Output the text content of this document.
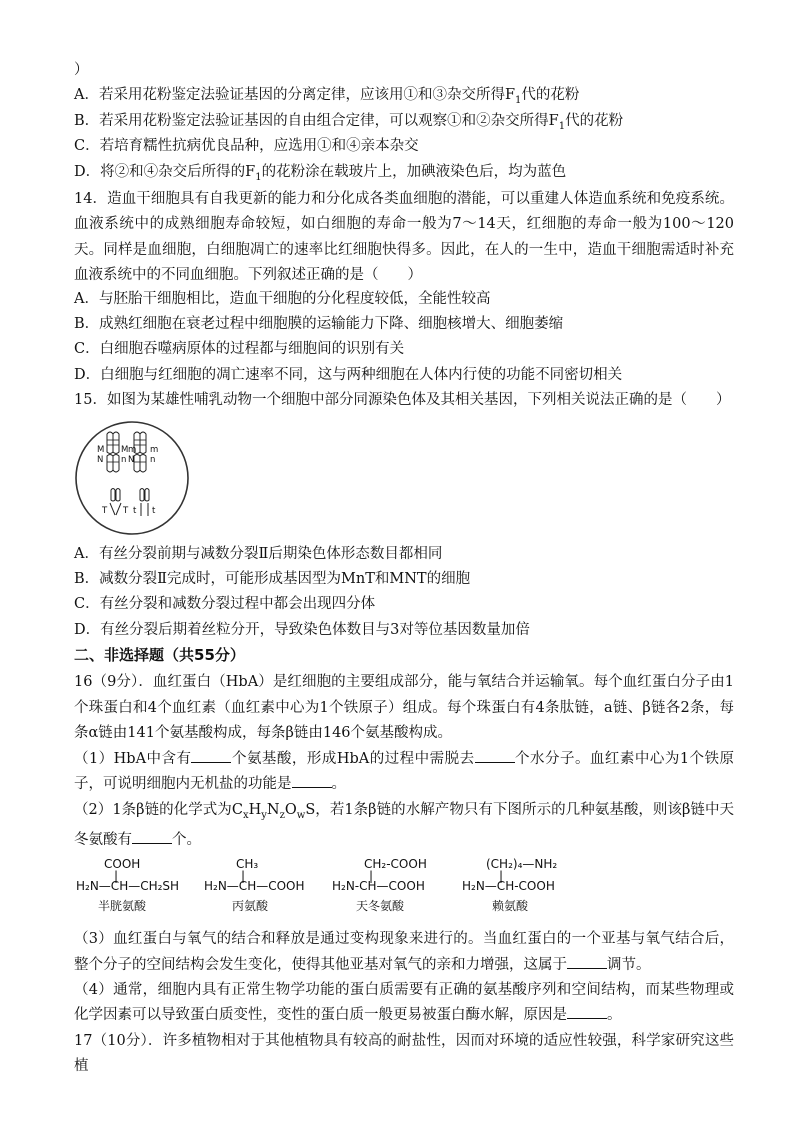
）
A．若采用花粉鉴定法验证基因的分离定律，应该用①和③杂交所得$F_1$代的花粉
B．若采用花粉鉴定法验证基因的自由组合定律，可以观察①和②杂交所得$F_1$代的花粉
C．若培育糯性抗病优良品种，应选用①和④亲本杂交
D．将②和④杂交后所得的$F_1$的花粉涂在载玻片上，加碘液染色后，均为蓝色
14．造血干细胞具有自我更新的能力和分化成各类血细胞的潜能，可以重建人体造血系统和免疫系统。血液系统中的成熟细胞寿命较短，如白细胞的寿命一般为7～14天，红细胞的寿命一般为100～120天。同样是血细胞，白细胞凋亡的速率比红细胞快得多。因此，在人的一生中，造血干细胞需适时补充血液系统中的不同血细胞。下列叙述正确的是（　　）
A．与胚胎干细胞相比，造血干细胞的分化程度较低，全能性较高
B．成熟红细胞在衰老过程中细胞膜的运输能力下降、细胞核增大、细胞萎缩
C．白细胞吞噬病原体的过程都与细胞间的识别有关
D．白细胞与红细胞的凋亡速率不同，这与两种细胞在人体内行使的功能不同密切相关
15．如图为某雄性哺乳动物一个细胞中部分同源染色体及其相关基因，下列相关说法正确的是（　　）
M
N
M
n
m
N
m
n
T T t t
A．有丝分裂前期与减数分裂Ⅱ后期染色体形态数目都相同
B．减数分裂Ⅱ完成时，可能形成基因型为MnT和MNT的细胞
C．有丝分裂和减数分裂过程中都会出现四分体
D．有丝分裂后期着丝粒分开，导致染色体数目与3对等位基因数量加倍
二、非选择题（共55分）
16（9分）．血红蛋白（HbA）是红细胞的主要组成部分，能与氧结合并运输氧。每个血红蛋白分子由1个珠蛋白和4个血红素（血红素中心为1个铁原子）组成。每个珠蛋白有4条肽链，a链、β链各2条，每条α链由141个氨基酸构成，每条β链由146个氨基酸构成。
（1）HbA中含有	个氨基酸，形成HbA的过程中需脱去	个水分子。血红素中心为1个铁原子，可说明细胞内无机盐的功能是	。
（2）1条β链的化学式为$C_xH_yN_zO_wS$，若1条β链的水解产物只有下图所示的几种氨基酸，则该β链中天冬氨酸有	个。
COOH
|
H₂N—CH—CH₂SH
半胱氨酸
CH₃
|
H₂N—CH—COOH
丙氨酸
CH₂-COOH
|
H₂N-CH—COOH
天冬氨酸
(CH₂)₄—NH₂
|
H₂N—CH-COOH
赖氨酸
（3）血红蛋白与氧气的结合和释放是通过变构现象来进行的。当血红蛋白的一个亚基与氧气结合后，整个分子的空间结构会发生变化，使得其他亚基对氧气的亲和力增强，这属于	调节。
（4）通常，细胞内具有正常生物学功能的蛋白质需要有正确的氨基酸序列和空间结构，而某些物理或化学因素可以导致蛋白质变性，变性的蛋白质一般更易被蛋白酶水解，原因是	。
17（10分）．许多植物相对于其他植物具有较高的耐盐性，因而对环境的适应性较强，科学家研究这些植
